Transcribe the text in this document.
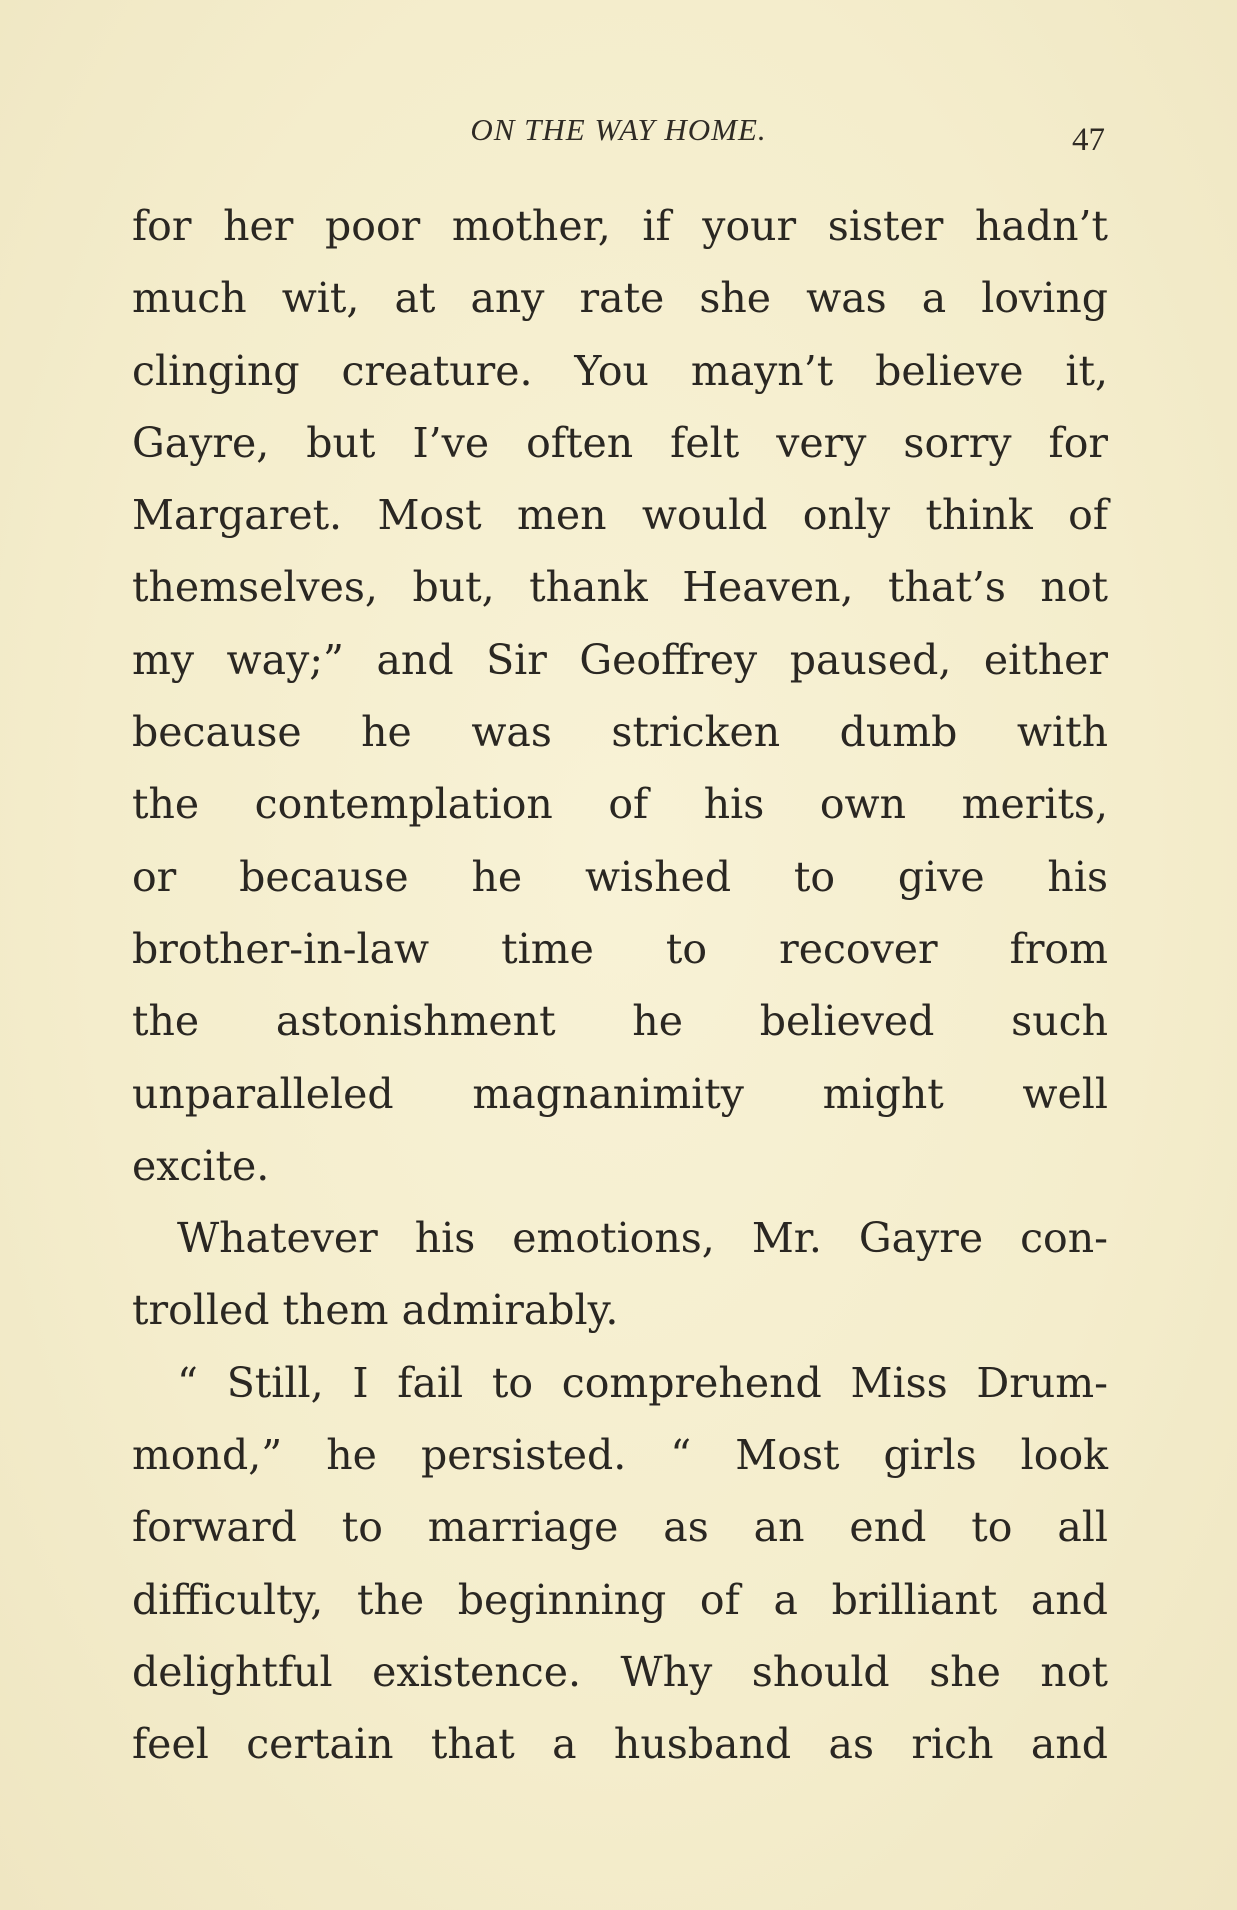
ON THE WAY HOME.	47
for her poor mother, if your sister hadn’t
much wit, at any rate she was a loving
clinging creature. You mayn’t believe it,
Gayre, but I’ve often felt very sorry for
Margaret. Most men would only think of
themselves, but, thank Heaven, that’s not
my way;” and Sir Geoffrey paused, either
because he was stricken dumb with
the contemplation of his own merits,
or because he wished to give his
brother-in-law time to recover from
the astonishment he believed such
unparalleled magnanimity might well
excite.
Whatever his emotions, Mr. Gayre con-
trolled them admirably.
“ Still, I fail to comprehend Miss Drum-
mond,” he persisted. “ Most girls look
forward to marriage as an end to all
difficulty, the beginning of a brilliant and
delightful existence. Why should she not
feel certain that a husband as rich and
